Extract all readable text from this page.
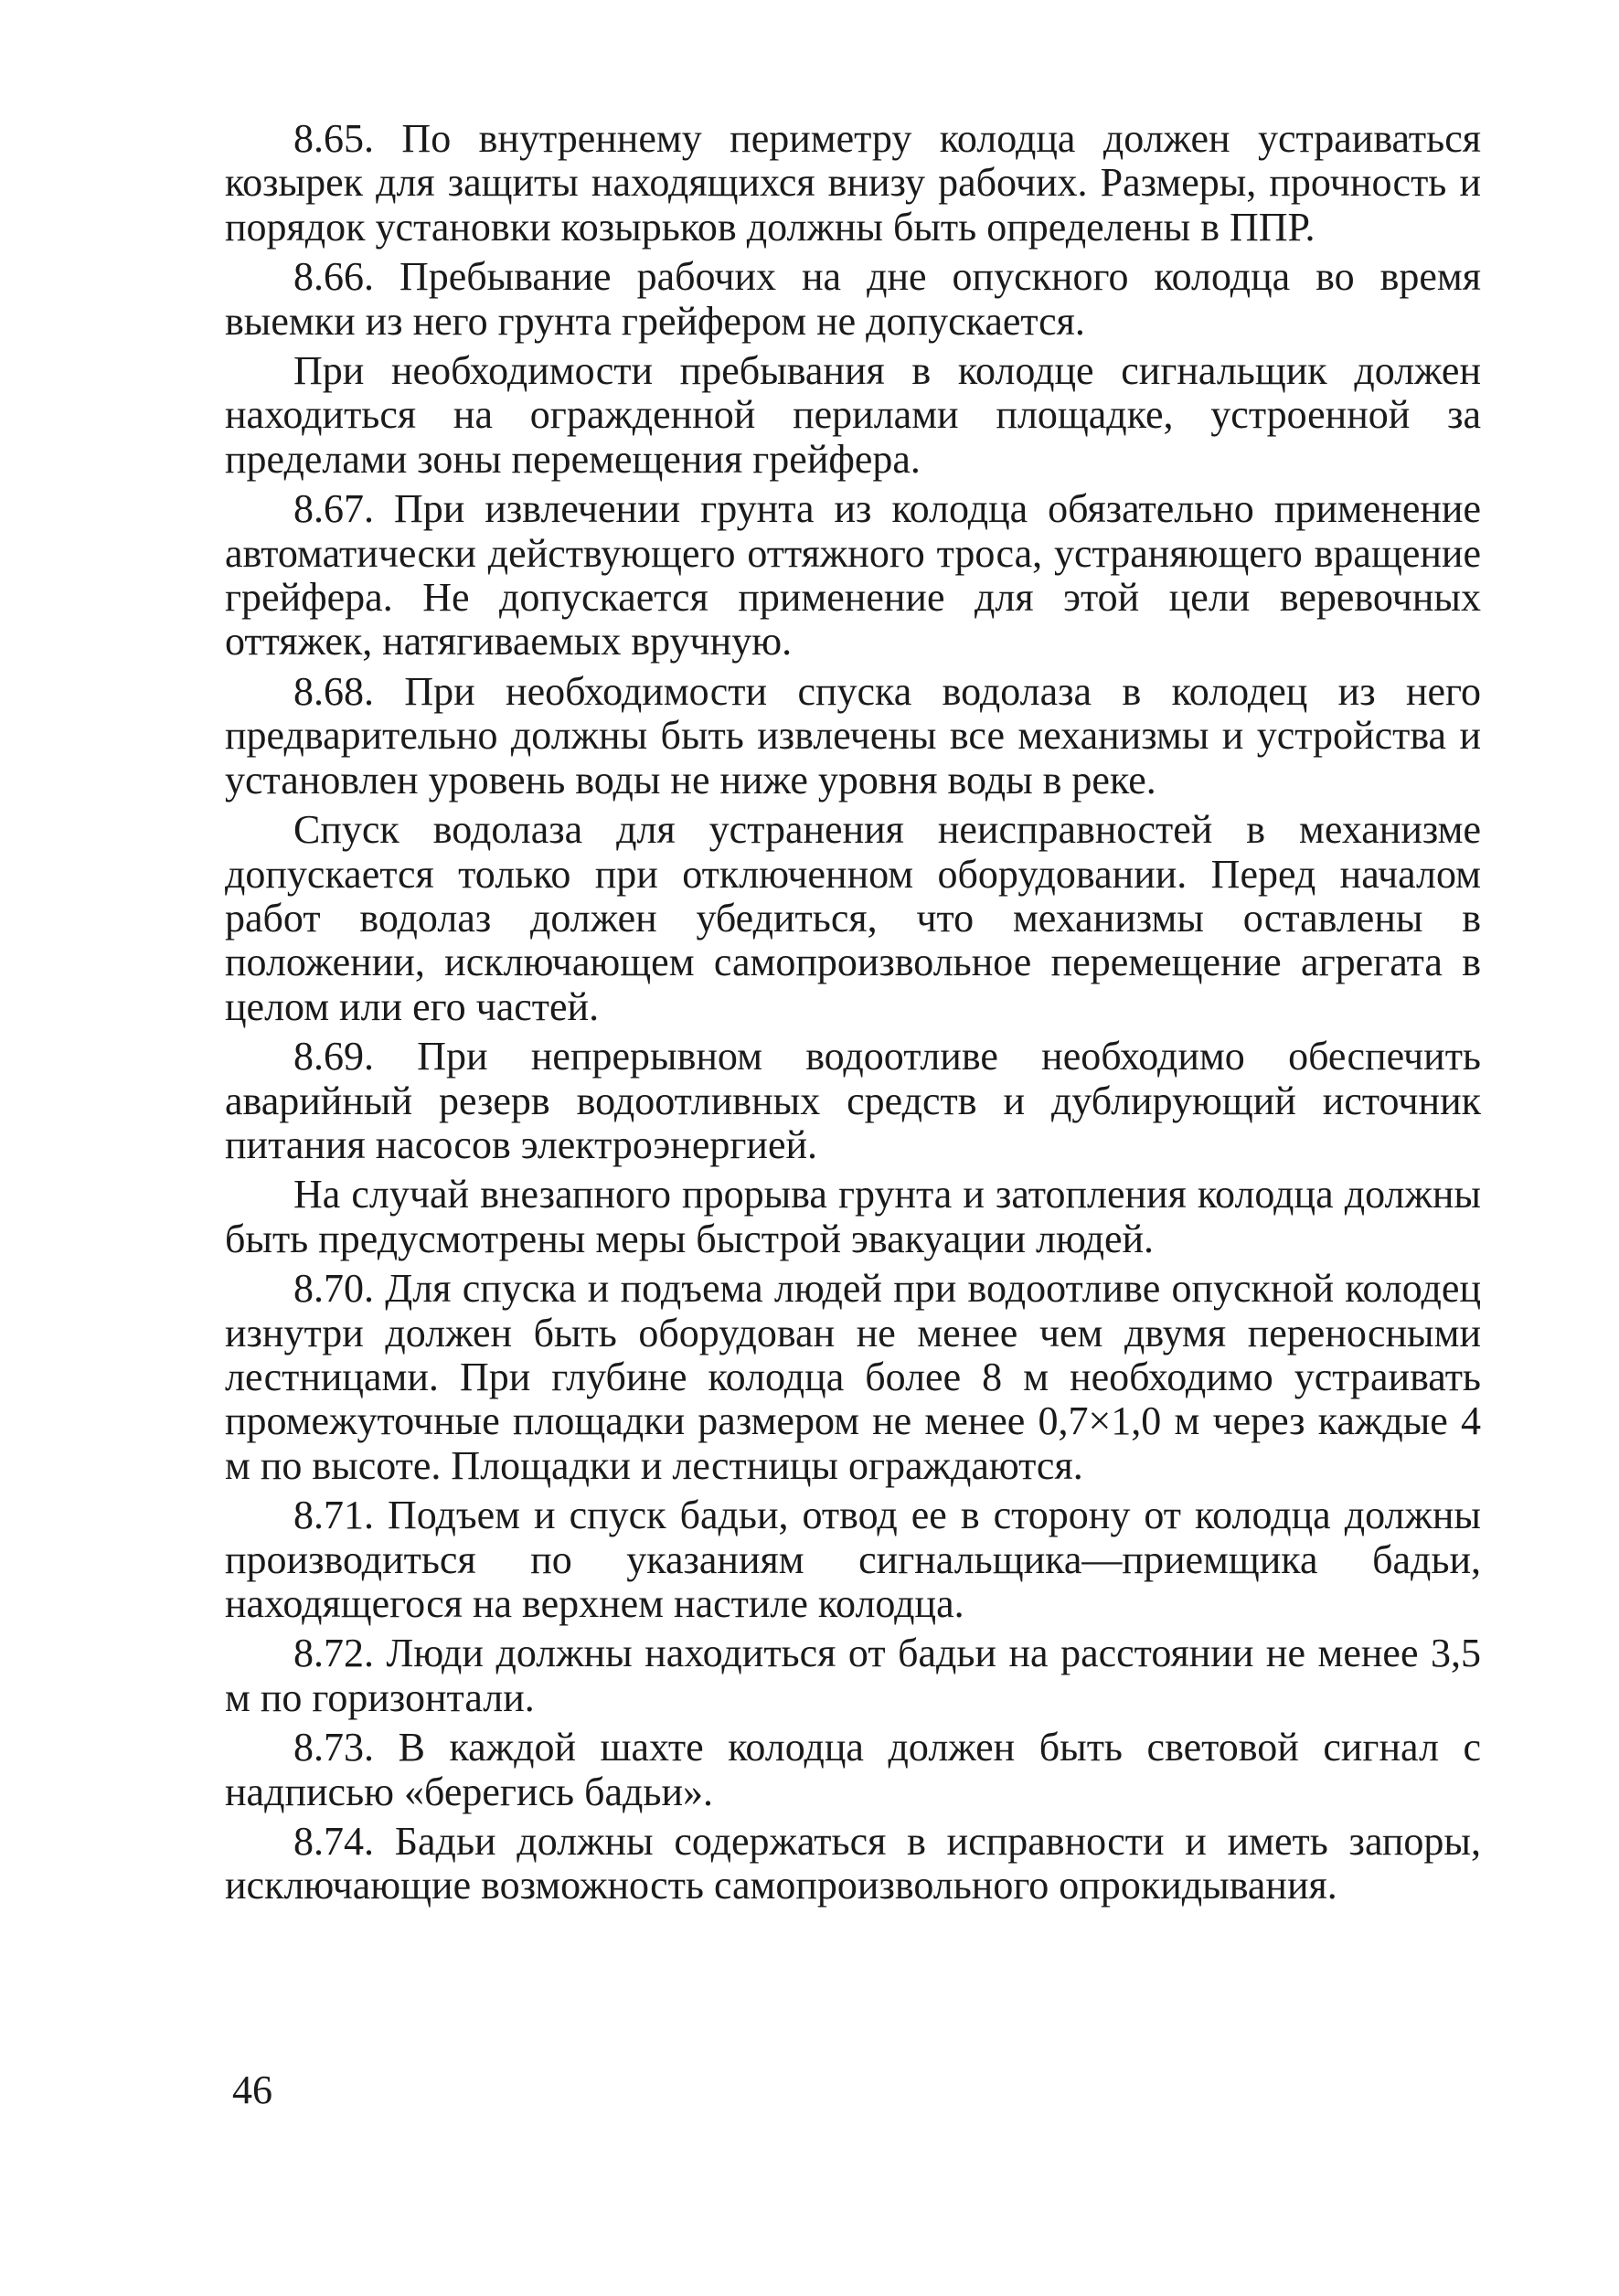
8.65. По внутреннему периметру колодца должен устраиваться козырек для защиты находящихся внизу рабочих. Размеры, прочность и порядок установки козырьков должны быть определены в ППР.

8.66. Пребывание рабочих на дне опускного колодца во время выемки из него грунта грейфером не допускается.

При необходимости пребывания в колодце сигнальщик должен находиться на огражденной перилами площадке, устроенной за пределами зоны перемещения грейфера.

8.67. При извлечении грунта из колодца обязательно применение автоматически действующего оттяжного троса, устраняющего вращение грейфера. Не допускается применение для этой цели веревочных оттяжек, натягиваемых вручную.

8.68. При необходимости спуска водолаза в колодец из него предварительно должны быть извлечены все механизмы и устройства и установлен уровень воды не ниже уровня воды в реке.

Спуск водолаза для устранения неисправностей в механизме допускается только при отключенном оборудовании. Перед началом работ водолаз должен убедиться, что механизмы оставлены в положении, исключающем самопроизвольное перемещение агрегата в целом или его частей.

8.69. При непрерывном водоотливе необходимо обеспечить аварийный резерв водоотливных средств и дублирующий источник питания насосов электроэнергией.

На случай внезапного прорыва грунта и затопления колодца должны быть предусмотрены меры быстрой эвакуации людей.

8.70. Для спуска и подъема людей при водоотливе опускной колодец изнутри должен быть оборудован не менее чем двумя переносными лестницами. При глубине колодца более 8 м необходимо устраивать промежуточные площадки размером не менее 0,7×1,0 м через каждые 4 м по высоте. Площадки и лестницы ограждаются.

8.71. Подъем и спуск бадьи, отвод ее в сторону от колодца должны производиться по указаниям сигнальщика—приемщика бадьи, находящегося на верхнем настиле колодца.

8.72. Люди должны находиться от бадьи на расстоянии не менее 3,5 м по горизонтали.

8.73. В каждой шахте колодца должен быть световой сигнал с надписью «берегись бадьи».

8.74. Бадьи должны содержаться в исправности и иметь запоры, исключающие возможность самопроизвольного опрокидывания.

46
